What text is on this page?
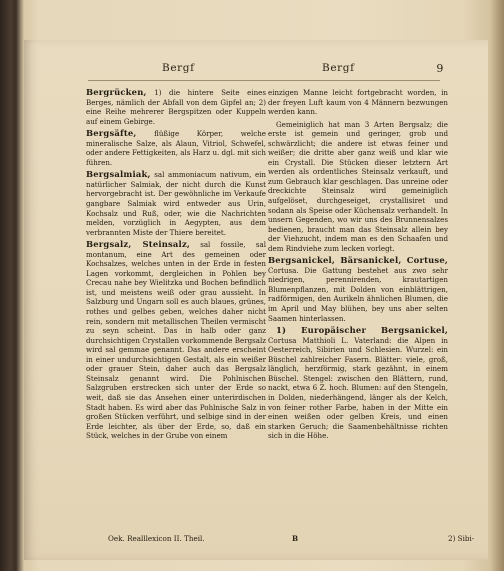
Bergf	Bergf	9

Bergrücken, 1) die hintere Seite eines Berges, nämlich der Abfall von dem Gipfel an; 2) eine Reihe mehrerer Bergspitzen oder Kuppeln auf einem Gebirge.

Bergsäfte, flüßige Körper, welche mineralische Salze, als Alaun, Vitriol, Schwefel, oder andere Fettigkeiten, als Harz u. dgl. mit sich führen.

Bergsalmiak, sal ammoniacum nativum, ein natürlicher Salmiak, der nicht durch die Kunst hervorgebracht ist. Der gewöhnliche im Verkaufe gangbare Salmiak wird entweder aus Urin, Kochsalz und Ruß, oder, wie die Nachrichten melden, vorzüglich in Aegypten, aus dem verbrannten Miste der Thiere bereitet.

Bergsalz, Steinsalz, sal fossile, sal montanum, eine Art des gemeinen oder Kochsalzes, welches unten in der Erde in festen Lagen vorkommt, dergleichen in Pohlen bey Crecau nahe bey Wielitzka und Bochen befindlich ist, und meistens weiß oder grau aussieht. In Salzburg und Ungarn soll es auch blaues, grünes, rothes und gelbes geben, welches daher nicht rein, sondern mit metallischen Theilen vermischt zu seyn scheint. Das in halb oder ganz durchsichtigen Crystallen vorkommende Bergsalz wird sal gemmae genannt. Das andere erscheint in einer undurchsichtigen Gestalt, als ein weißer oder grauer Stein, daher auch das Bergsalz Steinsalz genannt wird. Die Pohlnischen Salzgruben erstrecken sich unter der Erde so weit, daß sie das Ansehen einer unterirdischen Stadt haben. Es wird aber das Pohlnische Salz in großen Stücken verführt, und selbige sind in der Erde leichter, als über der Erde, so, daß ein Stück, welches in der Grube von einem

einzigen Manne leicht fortgebracht worden, in der freyen Luft kaum von 4 Männern bezwungen werden kann.

Gemeiniglich hat man 3 Arten Bergsalz; die erste ist gemein und geringer, grob und schwärzlicht; die andere ist etwas feiner und weißer; die dritte aber ganz weiß und klar wie ein Crystall. Die Stücken dieser letztern Art werden als ordentliches Steinsalz verkauft, und zum Gebrauch klar geschlagen. Das unreine oder dreckichte Steinsalz wird gemeiniglich aufgelöset, durchgeseiget, crystallisiret und sodann als Speise oder Küchensalz verhandelt. In unsern Gegenden, wo wir uns des Brunnensalzes bedienen, braucht man das Steinsalz allein bey der Viehzucht, indem man es den Schaafen und dem Rindviehe zum lecken vorlegt.

Bergsanickel, Bärsanickel, Cortuse, Cortusa. Die Gattung bestehet aus zwo sehr niedrigen, perennirenden, krautartigen Blumenpflanzen, mit Dolden von einblättrigen, radförmigen, den Aurikeln ähnlichen Blumen, die im April und May blühen, bey uns aber selten Saamen hinterlassen.

1) Europäischer Bergsanickel, Cortusa Matthioli L. Vaterland: die Alpen in Oesterreich, Sibirien und Schlesien. Wurzel: ein Büschel zahlreicher Fasern. Blätter: viele, groß, länglich, herzförmig, stark gezähnt, in einem Büschel. Stengel: zwischen den Blättern, rund, nackt, etwa 6 Z. hoch. Blumen: auf den Stengeln, in Dolden, niederhängend, länger als der Kelch, von feiner rother Farbe, haben in der Mitte ein einen weißen oder gelben Kreis, und einen starken Geruch; die Saamenbehältnisse richten sich in die Höhe.

Oek. Realllexicon II. Theil.	B	2) Sibi-
